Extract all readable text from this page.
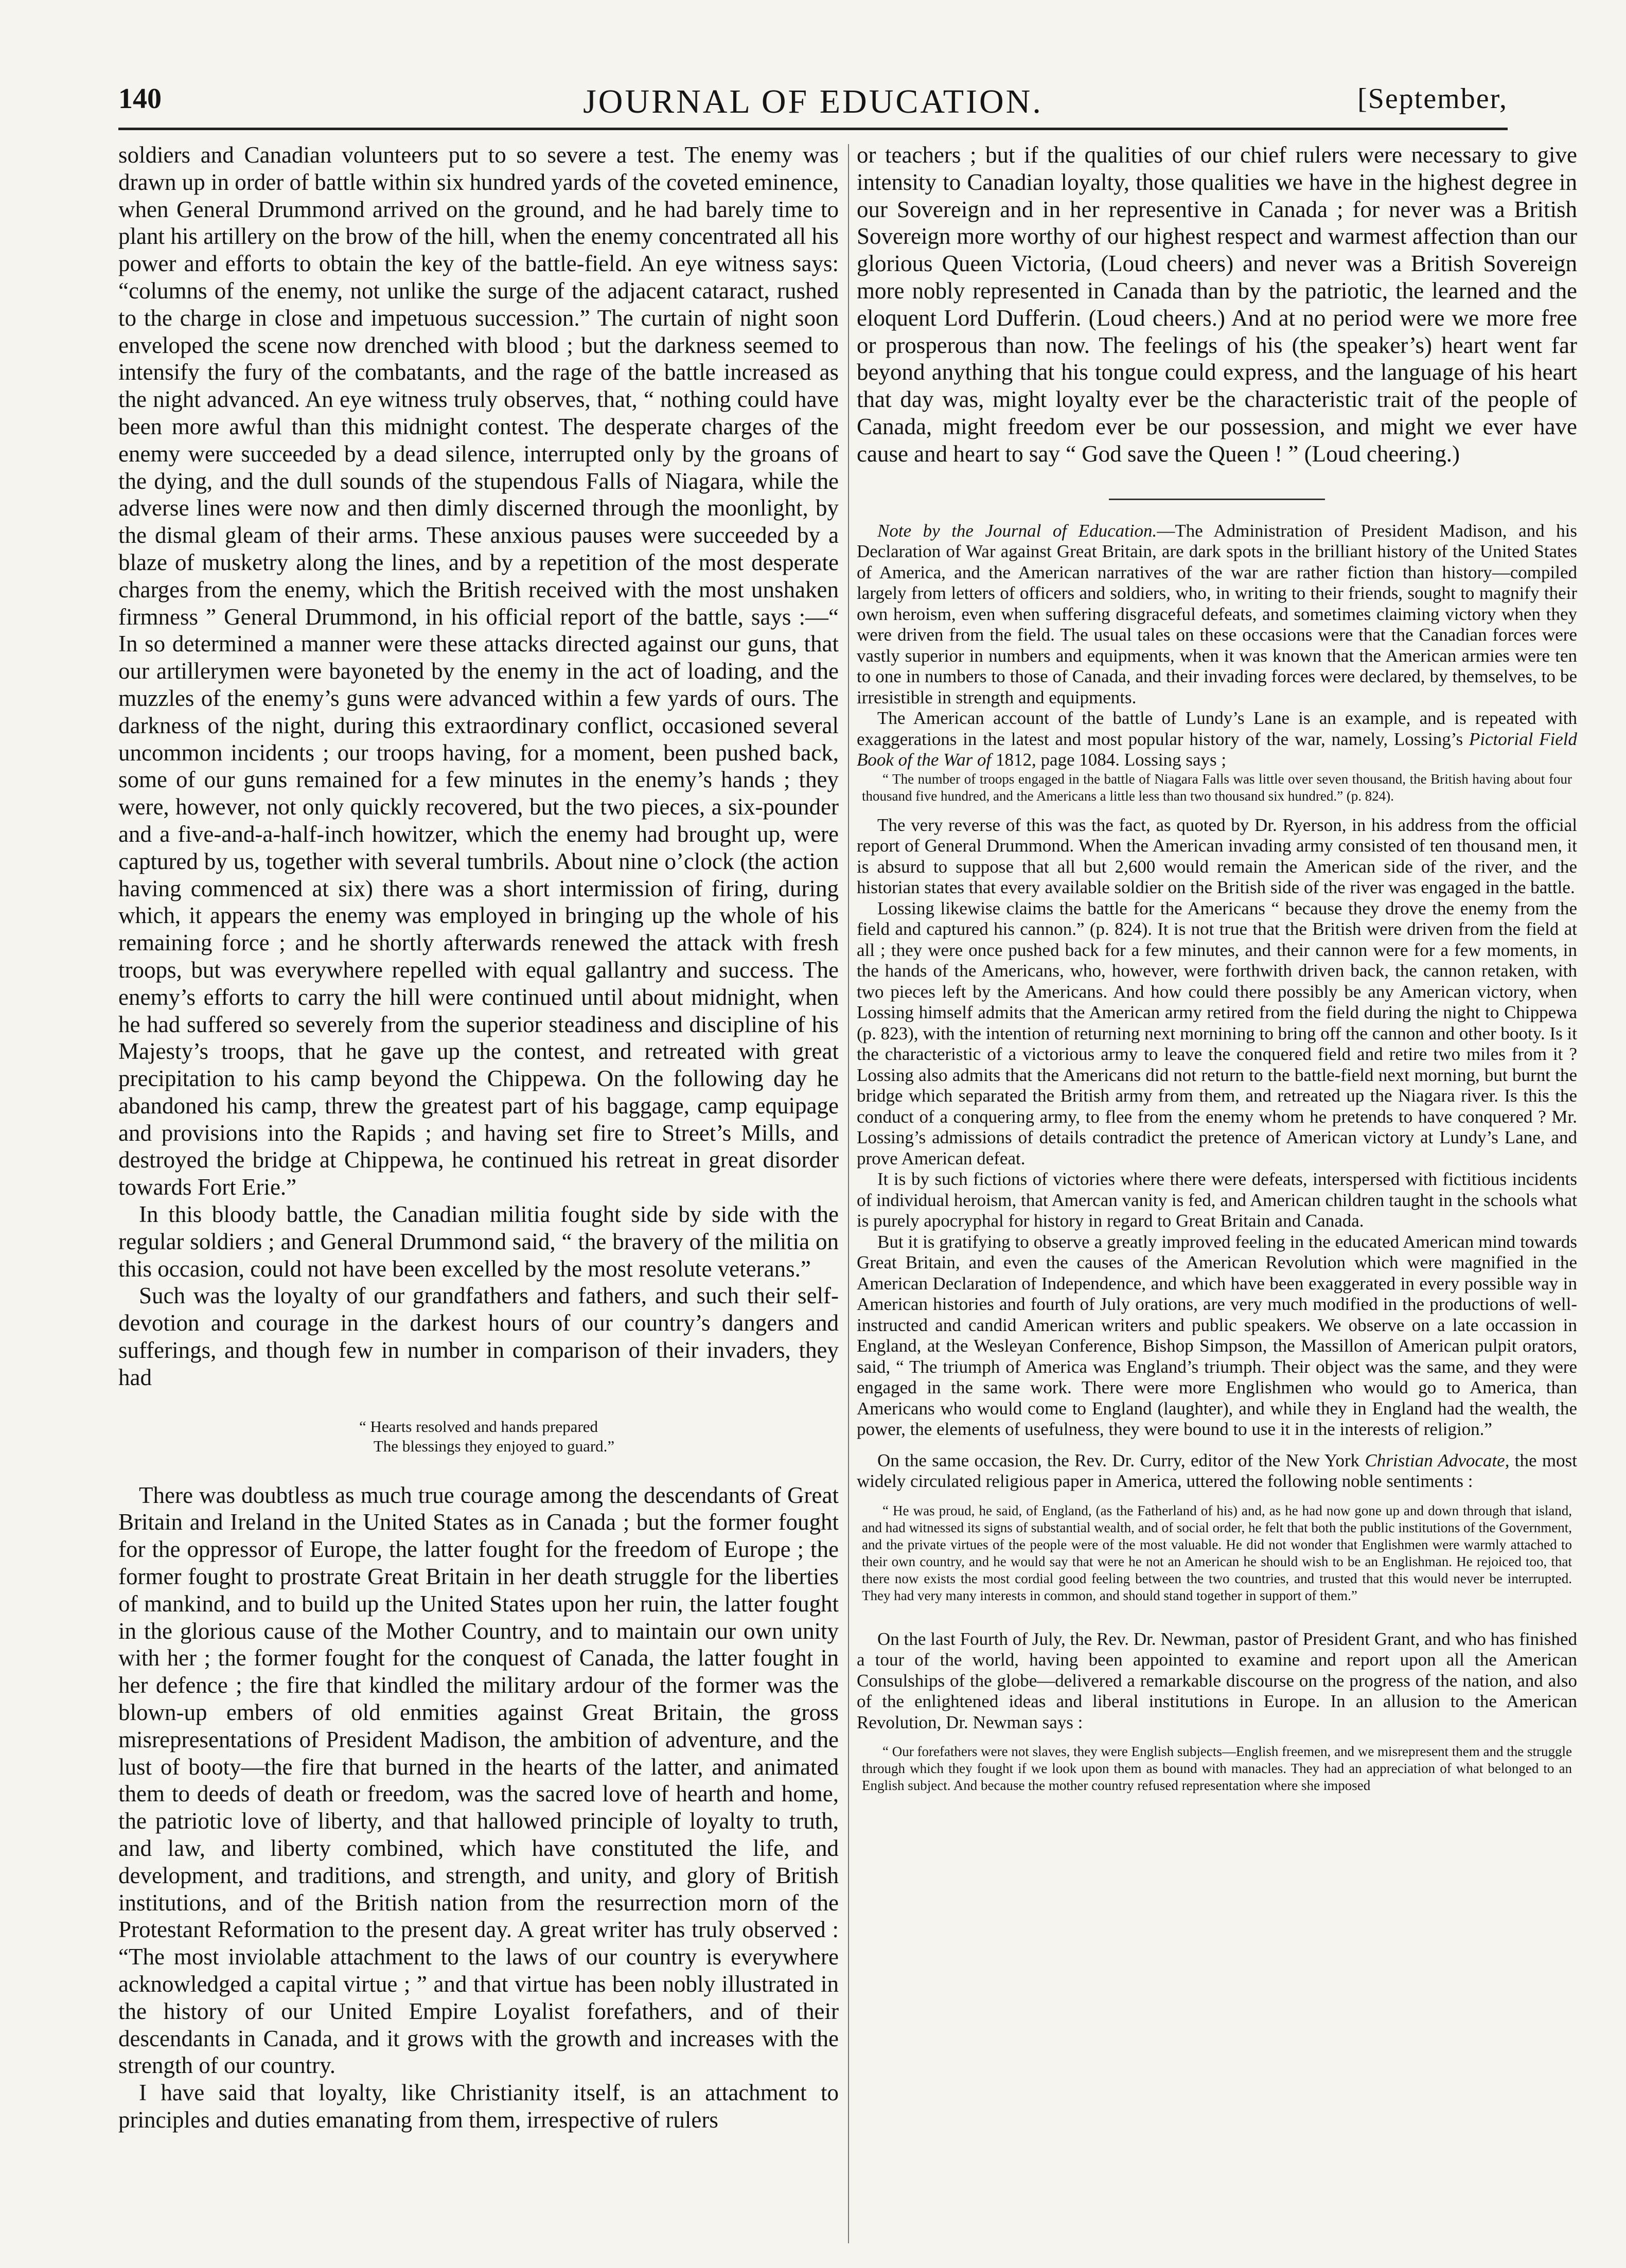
140	JOURNAL OF EDUCATION.	[September,

soldiers and Canadian volunteers put to so severe a test. The enemy was drawn up in order of battle within six hundred yards of the coveted eminence, when General Drummond arrived on the ground, and he had barely time to plant his artillery on the brow of the hill, when the enemy concentrated all his power and efforts to obtain the key of the battle-field. An eye witness says: “columns of the enemy, not unlike the surge of the adjacent cataract, rushed to the charge in close and impetuous succession.” The curtain of night soon enveloped the scene now drenched with blood ; but the darkness seemed to intensify the fury of the combatants, and the rage of the battle increased as the night advanced. An eye witness truly observes, that, “ nothing could have been more awful than this midnight contest. The desperate charges of the enemy were succeeded by a dead silence, interrupted only by the groans of the dying, and the dull sounds of the stupendous Falls of Niagara, while the adverse lines were now and then dimly discerned through the moonlight, by the dismal gleam of their arms. These anxious pauses were succeeded by a blaze of musketry along the lines, and by a repetition of the most desperate charges from the enemy, which the British received with the most unshaken firmness ” General Drummond, in his official report of the battle, says :—“ In so determined a manner were these attacks directed against our guns, that our artillerymen were bayoneted by the enemy in the act of loading, and the muzzles of the enemy’s guns were advanced within a few yards of ours. The darkness of the night, during this extraordinary conflict, occasioned several uncommon incidents ; our troops having, for a moment, been pushed back, some of our guns remained for a few minutes in the enemy’s hands ; they were, however, not only quickly recovered, but the two pieces, a six-pounder and a five-and-a-half-inch howitzer, which the enemy had brought up, were captured by us, together with several tumbrils. About nine o’clock (the action having commenced at six) there was a short intermission of firing, during which, it appears the enemy was employed in bringing up the whole of his remaining force ; and he shortly afterwards renewed the attack with fresh troops, but was everywhere repelled with equal gallantry and success. The enemy’s efforts to carry the hill were continued until about midnight, when he had suffered so severely from the superior steadiness and discipline of his Majesty’s troops, that he gave up the contest, and retreated with great precipitation to his camp beyond the Chippewa. On the following day he abandoned his camp, threw the greatest part of his baggage, camp equipage and provisions into the Rapids ; and having set fire to Street’s Mills, and destroyed the bridge at Chippewa, he continued his retreat in great disorder towards Fort Erie.”

In this bloody battle, the Canadian militia fought side by side with the regular soldiers ; and General Drummond said, “ the bravery of the militia on this occasion, could not have been excelled by the most resolute veterans.”

Such was the loyalty of our grandfathers and fathers, and such their self-devotion and courage in the darkest hours of our country’s dangers and sufferings, and though few in number in comparison of their invaders, they had

“ Hearts resolved and hands prepared
The blessings they enjoyed to guard.”

There was doubtless as much true courage among the descendants of Great Britain and Ireland in the United States as in Canada ; but the former fought for the oppressor of Europe, the latter fought for the freedom of Europe ; the former fought to prostrate Great Britain in her death struggle for the liberties of mankind, and to build up the United States upon her ruin, the latter fought in the glorious cause of the Mother Country, and to maintain our own unity with her ; the former fought for the conquest of Canada, the latter fought in her defence ; the fire that kindled the military ardour of the former was the blown-up embers of old enmities against Great Britain, the gross misrepresentations of President Madison, the ambition of adventure, and the lust of booty—the fire that burned in the hearts of the latter, and animated them to deeds of death or freedom, was the sacred love of hearth and home, the patriotic love of liberty, and that hallowed principle of loyalty to truth, and law, and liberty combined, which have constituted the life, and development, and traditions, and strength, and unity, and glory of British institutions, and of the British nation from the resurrection morn of the Protestant Reformation to the present day. A great writer has truly observed : “The most inviolable attachment to the laws of our country is everywhere acknowledged a capital virtue ; ” and that virtue has been nobly illustrated in the history of our United Empire Loyalist forefathers, and of their descendants in Canada, and it grows with the growth and increases with the strength of our country.

I have said that loyalty, like Christianity itself, is an attachment to principles and duties emanating from them, irrespective of rulers

or teachers ; but if the qualities of our chief rulers were necessary to give intensity to Canadian loyalty, those qualities we have in the highest degree in our Sovereign and in her representive in Canada ; for never was a British Sovereign more worthy of our highest respect and warmest affection than our glorious Queen Victoria, (Loud cheers) and never was a British Sovereign more nobly represented in Canada than by the patriotic, the learned and the eloquent Lord Dufferin. (Loud cheers.) And at no period were we more free or prosperous than now. The feelings of his (the speaker’s) heart went far beyond anything that his tongue could express, and the language of his heart that day was, might loyalty ever be the characteristic trait of the people of Canada, might freedom ever be our possession, and might we ever have cause and heart to say “ God save the Queen ! ” (Loud cheering.)

Note by the Journal of Education.—The Administration of President Madison, and his Declaration of War against Great Britain, are dark spots in the brilliant history of the United States of America, and the American narratives of the war are rather fiction than history—compiled largely from letters of officers and soldiers, who, in writing to their friends, sought to magnify their own heroism, even when suffering disgraceful defeats, and sometimes claiming victory when they were driven from the field. The usual tales on these occasions were that the Canadian forces were vastly superior in numbers and equipments, when it was known that the American armies were ten to one in numbers to those of Canada, and their invading forces were declared, by themselves, to be irresistible in strength and equipments.

The American account of the battle of Lundy’s Lane is an example, and is repeated with exaggerations in the latest and most popular history of the war, namely, Lossing’s Pictorial Field Book of the War of 1812, page 1084. Lossing says ;

“ The number of troops engaged in the battle of Niagara Falls was little over seven thousand, the British having about four thousand five hundred, and the Americans a little less than two thousand six hundred.” (p. 824).

The very reverse of this was the fact, as quoted by Dr. Ryerson, in his address from the official report of General Drummond. When the American invading army consisted of ten thousand men, it is absurd to suppose that all but 2,600 would remain the American side of the river, and the historian states that every available soldier on the British side of the river was engaged in the battle.

Lossing likewise claims the battle for the Americans “ because they drove the enemy from the field and captured his cannon.” (p. 824). It is not true that the British were driven from the field at all ; they were once pushed back for a few minutes, and their cannon were for a few moments, in the hands of the Americans, who, however, were forthwith driven back, the cannon retaken, with two pieces left by the Americans. And how could there possibly be any American victory, when Lossing himself admits that the American army retired from the field during the night to Chippewa (p. 823), with the intention of returning next mornining to bring off the cannon and other booty. Is it the characteristic of a victorious army to leave the conquered field and retire two miles from it ? Lossing also admits that the Americans did not return to the battle-field next morning, but burnt the bridge which separated the British army from them, and retreated up the Niagara river. Is this the conduct of a conquering army, to flee from the enemy whom he pretends to have conquered ? Mr. Lossing’s admissions of details contradict the pretence of American victory at Lundy’s Lane, and prove American defeat.

It is by such fictions of victories where there were defeats, interspersed with fictitious incidents of individual heroism, that Amercan vanity is fed, and American children taught in the schools what is purely apocryphal for history in regard to Great Britain and Canada.

But it is gratifying to observe a greatly improved feeling in the educated American mind towards Great Britain, and even the causes of the American Revolution which were magnified in the American Declaration of Independence, and which have been exaggerated in every possible way in American histories and fourth of July orations, are very much modified in the productions of well-instructed and candid American writers and public speakers. We observe on a late occassion in England, at the Wesleyan Conference, Bishop Simpson, the Massillon of American pulpit orators, said, “ The triumph of America was England’s triumph. Their object was the same, and they were engaged in the same work. There were more Englishmen who would go to America, than Americans who would come to England (laughter), and while they in England had the wealth, the power, the elements of usefulness, they were bound to use it in the interests of religion.”

On the same occasion, the Rev. Dr. Curry, editor of the New York Christian Advocate, the most widely circulated religious paper in America, uttered the following noble sentiments :

“ He was proud, he said, of England, (as the Fatherland of his) and, as he had now gone up and down through that island, and had witnessed its signs of substantial wealth, and of social order, he felt that both the public institutions of the Government, and the private virtues of the people were of the most valuable. He did not wonder that Englishmen were warmly attached to their own country, and he would say that were he not an American he should wish to be an Englishman. He rejoiced too, that there now exists the most cordial good feeling between the two countries, and trusted that this would never be interrupted. They had very many interests in common, and should stand together in support of them.”

On the last Fourth of July, the Rev. Dr. Newman, pastor of President Grant, and who has finished a tour of the world, having been appointed to examine and report upon all the American Consulships of the globe—delivered a remarkable discourse on the progress of the nation, and also of the enlightened ideas and liberal institutions in Europe. In an allusion to the American Revolution, Dr. Newman says :

“ Our forefathers were not slaves, they were English subjects—English freemen, and we misrepresent them and the struggle through which they fought if we look upon them as bound with manacles. They had an appreciation of what belonged to an English subject. And because the mother country refused representation where she imposed
